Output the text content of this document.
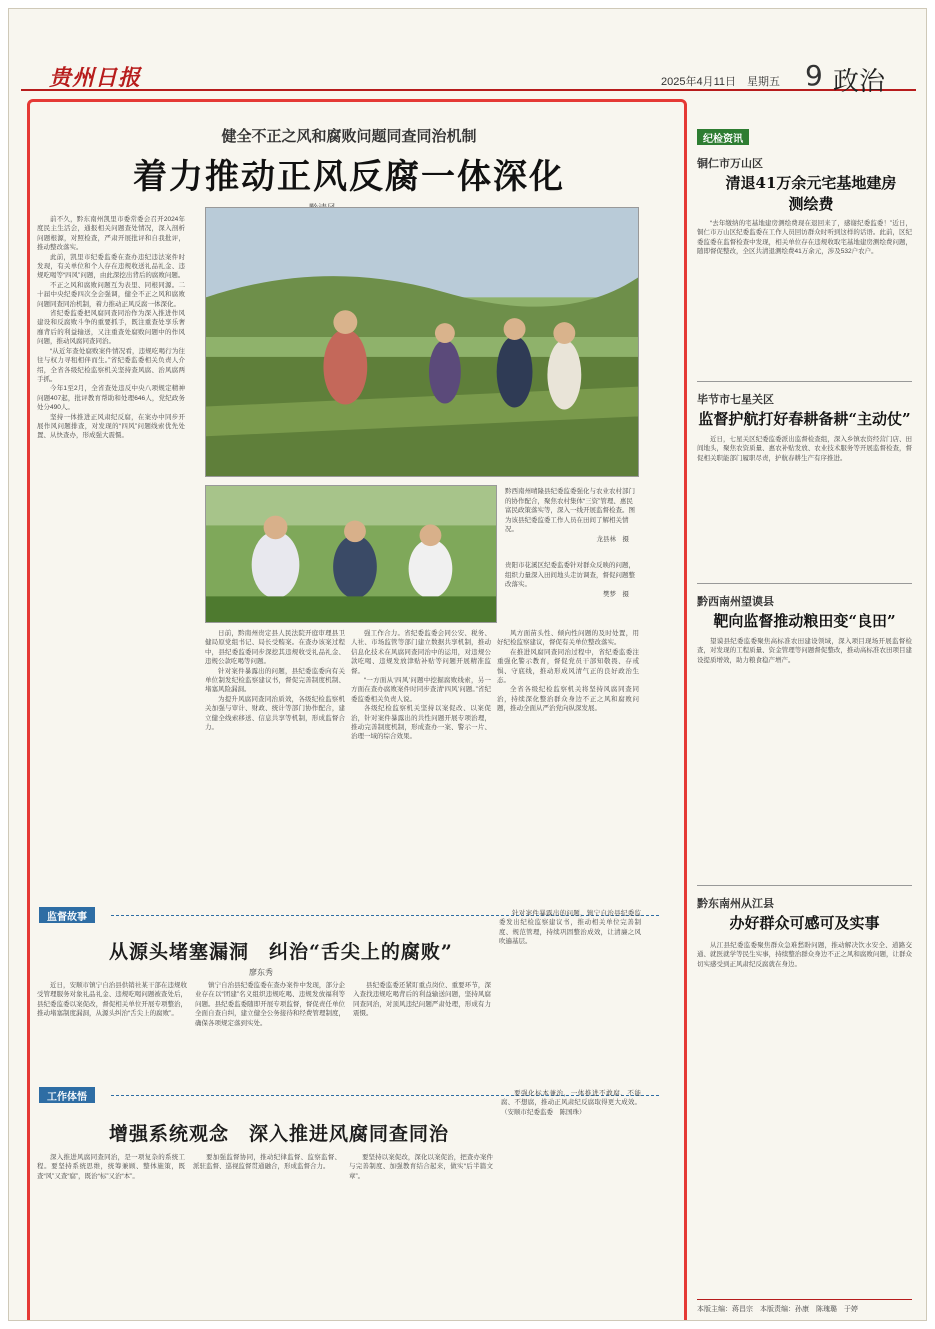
贵州日报	2025年4月11日　星期五 9 政治
健全不正之风和腐败问题同查同治机制
着力推动正风反腐一体深化

前不久，黔东南州凯里市委常委会召开2024年度民主生活会，通报相关问题查处情况，深入剖析问题根源，对照检查，严肃开展批评和自我批评，推动整改落实。

此前，凯里市纪委监委在查办违纪违法案件时发现，有关单位和个人存在违规收送礼品礼金、违规吃喝等“四风”问题，由此深挖出背后的腐败问题。

不正之风和腐败问题互为表里、同根同源。二十届中央纪委四次全会强调，健全不正之风和腐败问题同查同治机制，着力推动正风反腐一体深化。

省纪委监委把风腐同查同治作为深入推进作风建设和反腐败斗争的重要抓手，既注重查处享乐奢靡背后的利益输送，又注重查处腐败问题中的作风问题，推动风腐同查同治。

“从近年查处腐败案件情况看，违规吃喝行为往往与权力寻租相伴而生。”省纪委监委相关负责人介绍，全省各级纪检监察机关坚持查风腐、治风腐两手抓。

今年1至2月，全省查处违反中央八项规定精神问题407起，批评教育帮助和处理646人，党纪政务处分490人。

坚持一体推进正风肃纪反腐，在案办中同步开展作风问题排查，对发现的“四风”问题线索优先处置、从快查办，形成强大震慑。

黔西南州晴隆县纪委监委强化与农业农村部门的协作配合，聚焦农村集体“三资”管理、惠民富民政策落实等，深入一线开展监督检查。图为该县纪委监委工作人员在田间了解相关情况。
龙县林　摄
贵阳市花溪区纪委监委针对群众反映的问题，组织力量深入田间地头走访调查，督促问题整改落实。
樊梦　摄

日前，黔南州贵定县人民法院开庭审理县卫健局原党组书记、局长受贿案。在查办该案过程中，县纪委监委同步深挖其违规收受礼品礼金、违规公款吃喝等问题。

针对案件暴露出的问题，县纪委监委向有关单位制发纪检监察建议书，督促完善制度机制、堵塞风险漏洞。

为提升风腐同查同治质效，各级纪检监察机关加强与审计、财政、统计等部门协作配合，建立健全线索移送、信息共享等机制，形成监督合力。

强工作合力。省纪委监委会同公安、税务、人社、市场监管等部门建立数据共享机制，推动信息化技术在风腐同查同治中的运用，对违规公款吃喝、违规发放津贴补贴等问题开展精准监督。

“一方面从‘四风’问题中挖掘腐败线索，另一方面在查办腐败案件时同步查清‘四风’问题。”省纪委监委相关负责人说。

各级纪检监察机关坚持以案促改、以案促治，针对案件暴露出的共性问题开展专项治理，推动完善制度机制，形成查办一案、警示一片、治理一域的综合效果。

风方面苗头性、倾向性问题的及时处置，用好纪检监察建议，督促有关单位整改落实。

在推进风腐同查同治过程中，省纪委监委注重强化警示教育，督促党员干部知敬畏、存戒惧、守底线，推动形成风清气正的良好政治生态。

全省各级纪检监察机关将坚持风腐同查同治，持续深化整治群众身边不正之风和腐败问题，推动全面从严治党向纵深发展。

监督故事
从源头堵塞漏洞　纠治“舌尖上的腐败”
廖东秀

近日，安顺市镇宁自治县供销社某干部在违规收受管理服务对象礼品礼金、违规吃喝问题被查处后，县纪委监委以案促改，督促相关单位开展专项整治，推动堵塞制度漏洞，从源头纠治“舌尖上的腐败”。

镇宁自治县纪委监委在查办案件中发现，部分企业存在以“团建”名义组织违规吃喝、违规发放福利等问题。县纪委监委随即开展专项监督，督促责任单位全面自查自纠，建立健全公务接待和经费管理制度，确保各项规定落到实处。

县纪委监委还紧盯重点岗位、重要环节，深入查找违规吃喝背后的利益输送问题，坚持风腐同查同治，对顶风违纪问题严肃处理，形成有力震慑。

针对案件暴露出的问题，镇宁自治县纪委监委发出纪检监察建议书，推动相关单位完善制度、规范管理，持续巩固整治成效，让清廉之风吹遍基层。

工作体悟
增强系统观念　深入推进风腐同查同治

深入推进风腐同查同治，是一项复杂的系统工程。要坚持系统思维，统筹兼顾、整体施策，既查“风”又查“腐”，既治“标”又治“本”。

要加强监督协同，推动纪律监督、监察监督、派驻监督、巡视监督贯通融合，形成监督合力。

要坚持以案促改，深化以案促治，把查办案件与完善制度、加强教育结合起来，做实“后半篇文章”。

要强化标本兼治，一体推进不敢腐、不能腐、不想腐，推动正风肃纪反腐取得更大成效。（安顺市纪委监委　陈国珠）

纪检资讯
铜仁市万山区
清退41万余元宅基地建房测绘费

“去年缴纳的宅基地建房测绘费现在退回来了，感谢纪委监委！”近日，铜仁市万山区纪委监委在工作人员回访群众时听到这样的话语。此前，区纪委监委在监督检查中发现，相关单位存在违规收取宅基地建房测绘费问题，随即督促整改，全区共清退测绘费41万余元，涉及532户农户。

毕节市七星关区
监督护航打好春耕备耕“主动仗”

近日，七星关区纪委监委派出监督检查组，深入乡镇农资经营门店、田间地头，聚焦农资质量、惠农补贴发放、农业技术服务等开展监督检查，督促相关职能部门履职尽责，护航春耕生产有序推进。

黔西南州望谟县
靶向监督推动粮田变“良田”

望谟县纪委监委聚焦高标准农田建设领域，深入项目现场开展监督检查，对发现的工程质量、资金管理等问题督促整改，推动高标准农田项目建设提质增效，助力粮食稳产增产。

黔东南州从江县
办好群众可感可及实事

从江县纪委监委聚焦群众急难愁盼问题，推动解决饮水安全、道路交通、就医就学等民生实事，持续整治群众身边不正之风和腐败问题，让群众切实感受到正风肃纪反腐就在身边。

本版主编：蒋昌宗　本版责编：孙康　陈瑰璐　于婷
